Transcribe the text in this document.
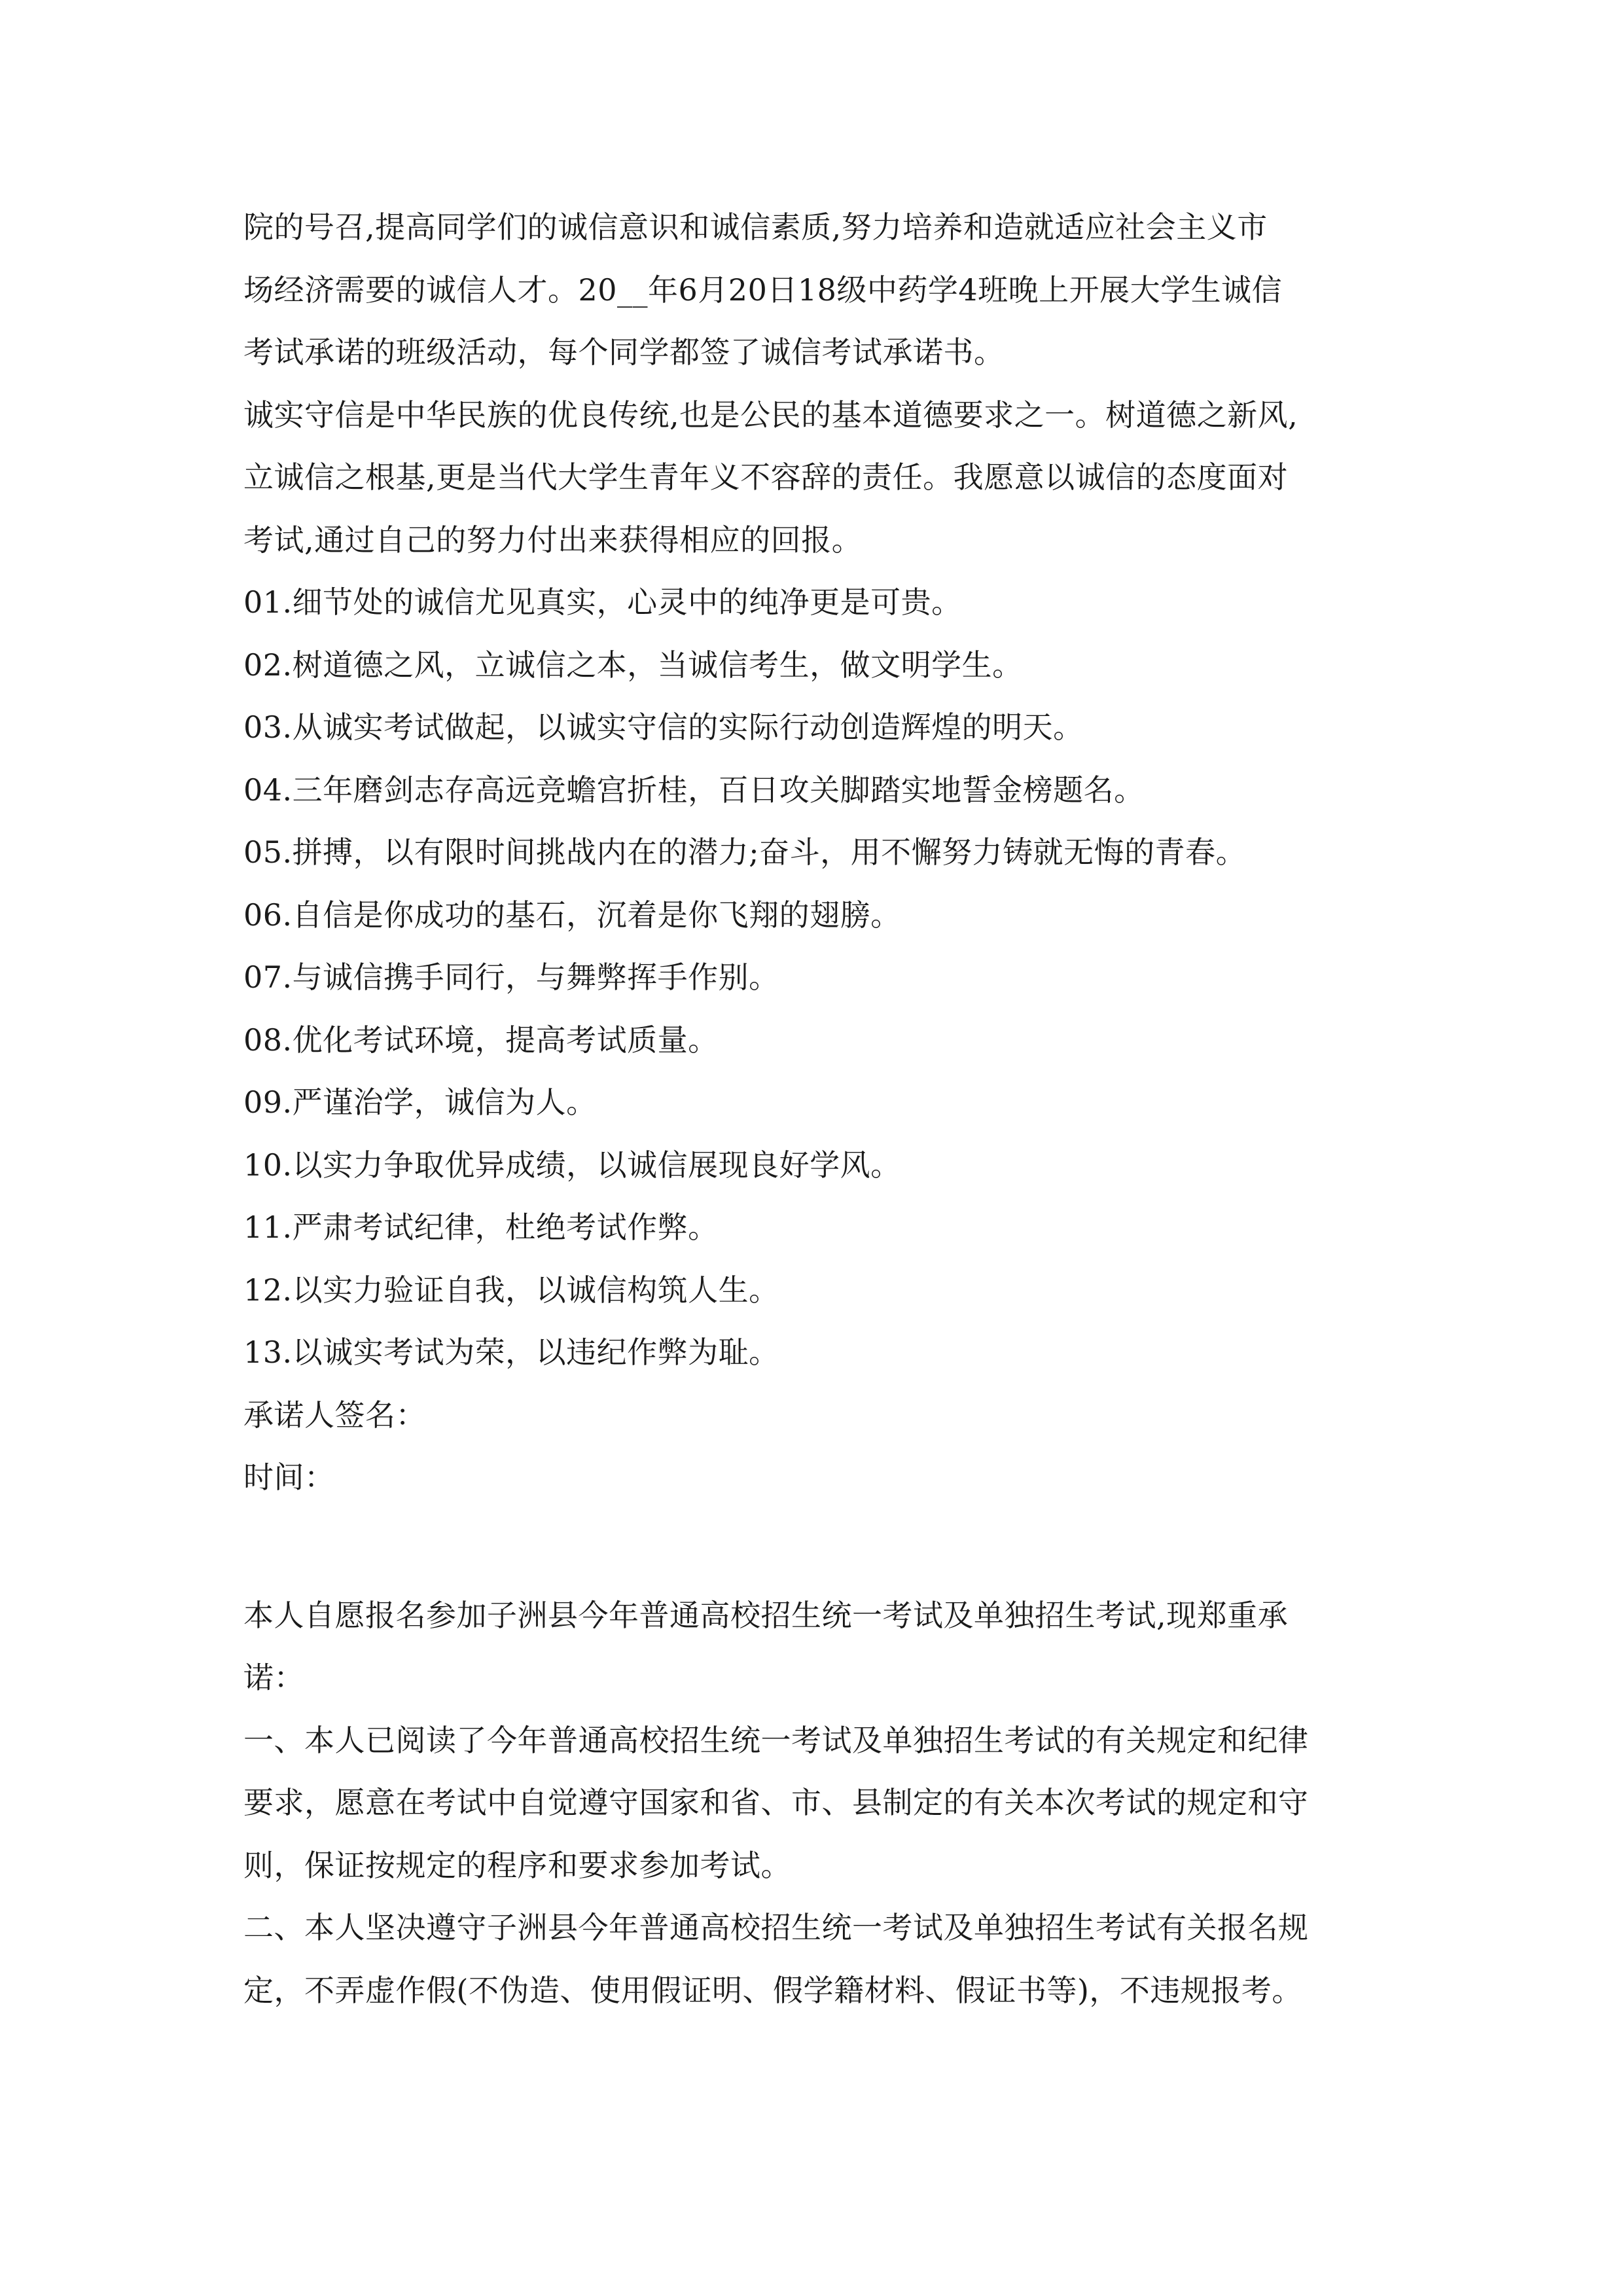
院的号召,提高同学们的诚信意识和诚信素质,努力培养和造就适应社会主义市
场经济需要的诚信人才。20__年6月20日18级中药学4班晚上开展大学生诚信
考试承诺的班级活动，每个同学都签了诚信考试承诺书。
诚实守信是中华民族的优良传统,也是公民的基本道德要求之一。树道德之新风,
立诚信之根基,更是当代大学生青年义不容辞的责任。我愿意以诚信的态度面对
考试,通过自己的努力付出来获得相应的回报。
01.细节处的诚信尤见真实，心灵中的纯净更是可贵。
02.树道德之风，立诚信之本，当诚信考生，做文明学生。
03.从诚实考试做起，以诚实守信的实际行动创造辉煌的明天。
04.三年磨剑志存高远竞蟾宫折桂，百日攻关脚踏实地誓金榜题名。
05.拼搏，以有限时间挑战内在的潜力;奋斗，用不懈努力铸就无悔的青春。
06.自信是你成功的基石，沉着是你飞翔的翅膀。
07.与诚信携手同行，与舞弊挥手作别。
08.优化考试环境，提高考试质量。
09.严谨治学，诚信为人。
10.以实力争取优异成绩，以诚信展现良好学风。
11.严肃考试纪律，杜绝考试作弊。
12.以实力验证自我，以诚信构筑人生。
13.以诚实考试为荣，以违纪作弊为耻。
承诺人签名：
时间：
本人自愿报名参加子洲县今年普通高校招生统一考试及单独招生考试,现郑重承
诺：
一、本人已阅读了今年普通高校招生统一考试及单独招生考试的有关规定和纪律
要求，愿意在考试中自觉遵守国家和省、市、县制定的有关本次考试的规定和守
则，保证按规定的程序和要求参加考试。
二、本人坚决遵守子洲县今年普通高校招生统一考试及单独招生考试有关报名规
定，不弄虚作假(不伪造、使用假证明、假学籍材料、假证书等)，不违规报考。
